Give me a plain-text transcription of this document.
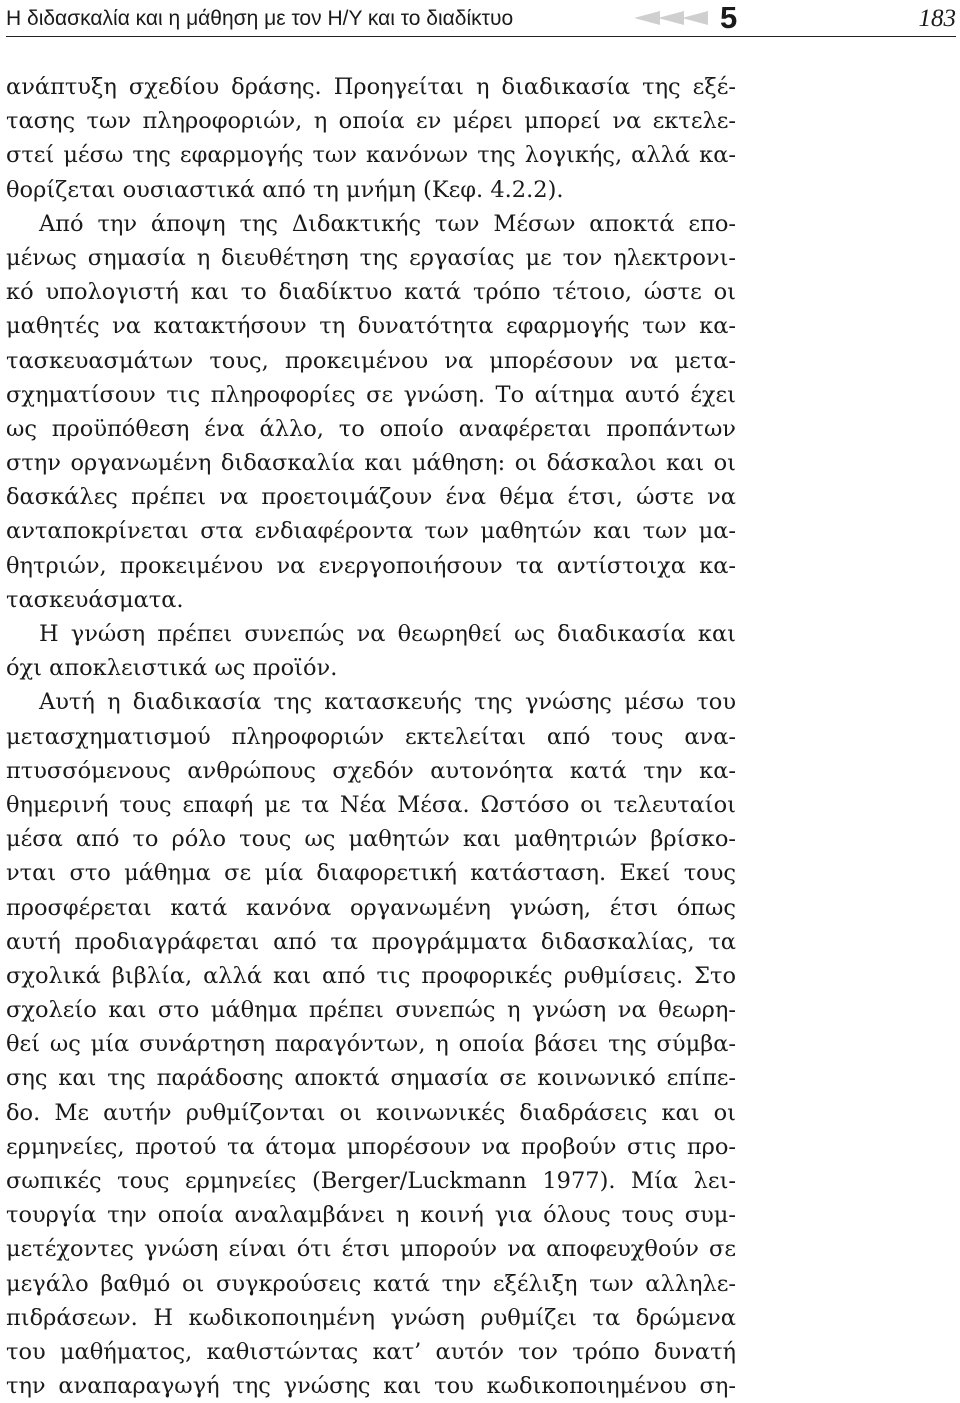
Η διδασκαλία και η μάθηση με τον Η/Υ και το διαδίκτυο	5	183
ανάπτυξη σχεδίου δράσης. Προηγείται η διαδικασία της εξέ-
τασης των πληροφοριών, η οποία εν μέρει μπορεί να εκτελε-
στεί μέσω της εφαρμογής των κανόνων της λογικής, αλλά κα-
θορίζεται ουσιαστικά από τη μνήμη (Κεφ. 4.2.2).
Από την άποψη της Διδακτικής των Μέσων αποκτά επο-
μένως σημασία η διευθέτηση της εργασίας με τον ηλεκτρονι-
κό υπολογιστή και το διαδίκτυο κατά τρόπο τέτοιο, ώστε οι
μαθητές να κατακτήσουν τη δυνατότητα εφαρμογής των κα-
τασκευασμάτων τους, προκειμένου να μπορέσουν να μετα-
σχηματίσουν τις πληροφορίες σε γνώση. Το αίτημα αυτό έχει
ως προϋπόθεση ένα άλλο, το οποίο αναφέρεται προπάντων
στην οργανωμένη διδασκαλία και μάθηση: οι δάσκαλοι και οι
δασκάλες πρέπει να προετοιμάζουν ένα θέμα έτσι, ώστε να
ανταποκρίνεται στα ενδιαφέροντα των μαθητών και των μα-
θητριών, προκειμένου να ενεργοποιήσουν τα αντίστοιχα κα-
τασκευάσματα.
Η γνώση πρέπει συνεπώς να θεωρηθεί ως διαδικασία και
όχι αποκλειστικά ως προϊόν.
Αυτή η διαδικασία της κατασκευής της γνώσης μέσω του
μετασχηματισμού πληροφοριών εκτελείται από τους ανα-
πτυσσόμενους ανθρώπους σχεδόν αυτονόητα κατά την κα-
θημερινή τους επαφή με τα Νέα Μέσα. Ωστόσο οι τελευταίοι
μέσα από το ρόλο τους ως μαθητών και μαθητριών βρίσκο-
νται στο μάθημα σε μία διαφορετική κατάσταση. Εκεί τους
προσφέρεται κατά κανόνα οργανωμένη γνώση, έτσι όπως
αυτή προδιαγράφεται από τα προγράμματα διδασκαλίας, τα
σχολικά βιβλία, αλλά και από τις προφορικές ρυθμίσεις. Στο
σχολείο και στο μάθημα πρέπει συνεπώς η γνώση να θεωρη-
θεί ως μία συνάρτηση παραγόντων, η οποία βάσει της σύμβα-
σης και της παράδοσης αποκτά σημασία σε κοινωνικό επίπε-
δο. Με αυτήν ρυθμίζονται οι κοινωνικές διαδράσεις και οι
ερμηνείες, προτού τα άτομα μπορέσουν να προβούν στις προ-
σωπικές τους ερμηνείες (Berger/Luckmann 1977). Μία λει-
τουργία την οποία αναλαμβάνει η κοινή για όλους τους συμ-
μετέχοντες γνώση είναι ότι έτσι μπορούν να αποφευχθούν σε
μεγάλο βαθμό οι συγκρούσεις κατά την εξέλιξη των αλληλε-
πιδράσεων. Η κωδικοποιημένη γνώση ρυθμίζει τα δρώμενα
του μαθήματος, καθιστώντας κατ’ αυτόν τον τρόπο δυνατή
την αναπαραγωγή της γνώσης και του κωδικοποιημένου ση-
